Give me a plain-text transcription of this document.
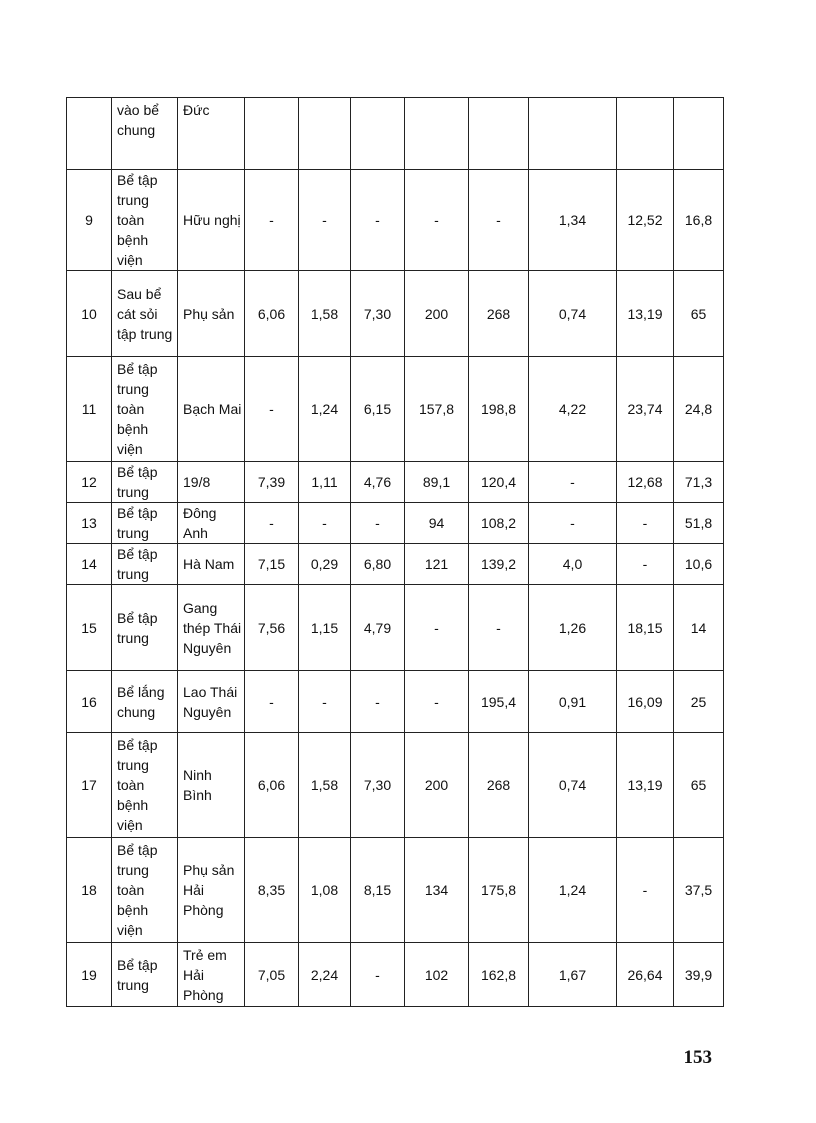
	vào bể chung	Đức								
9	Bể tập trung toàn bệnh viện	Hữu nghị	-	-	-	-	-	1,34	12,52	16,8
10	Sau bể cát sỏi tập trung	Phụ sản	6,06	1,58	7,30	200	268	0,74	13,19	65
11	Bể tập trung toàn bệnh viện	Bạch Mai	-	1,24	6,15	157,8	198,8	4,22	23,74	24,8
12	Bể tập trung	19/8	7,39	1,11	4,76	89,1	120,4	-	12,68	71,3
13	Bể tập trung	Đông Anh	-	-	-	94	108,2	-	-	51,8
14	Bể tập trung	Hà Nam	7,15	0,29	6,80	121	139,2	4,0	-	10,6
15	Bể tập trung	Gang thép Thái Nguyên	7,56	1,15	4,79	-	-	1,26	18,15	14
16	Bể lắng chung	Lao Thái Nguyên	-	-	-	-	195,4	0,91	16,09	25
17	Bể tập trung toàn bệnh viện	Ninh Bình	6,06	1,58	7,30	200	268	0,74	13,19	65
18	Bể tập trung toàn bệnh viện	Phụ sản Hải Phòng	8,35	1,08	8,15	134	175,8	1,24	-	37,5
19	Bể tập trung	Trẻ em Hải Phòng	7,05	2,24	-	102	162,8	1,67	26,64	39,9
153
